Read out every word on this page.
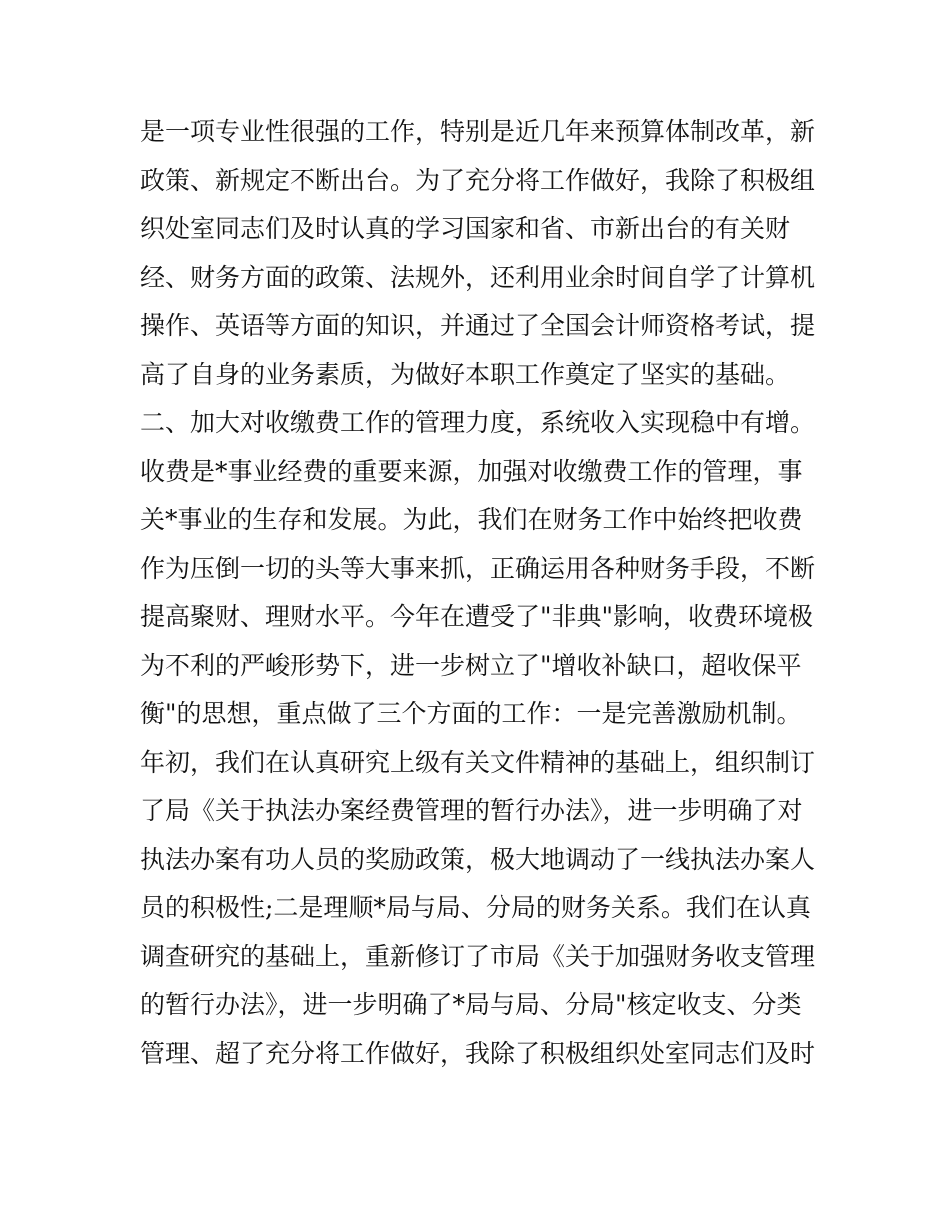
是一项专业性很强的工作，特别是近几年来预算体制改革，新
政策、新规定不断出台。为了充分将工作做好，我除了积极组
织处室同志们及时认真的学习国家和省、市新出台的有关财
经、财务方面的政策、法规外，还利用业余时间自学了计算机
操作、英语等方面的知识，并通过了全国会计师资格考试，提
高了自身的业务素质，为做好本职工作奠定了坚实的基础。
二、加大对收缴费工作的管理力度，系统收入实现稳中有增。
收费是*事业经费的重要来源，加强对收缴费工作的管理，事
关*事业的生存和发展。为此，我们在财务工作中始终把收费
作为压倒一切的头等大事来抓，正确运用各种财务手段，不断
提高聚财、理财水平。今年在遭受了"非典"影响，收费环境极
为不利的严峻形势下，进一步树立了"增收补缺口，超收保平
衡"的思想，重点做了三个方面的工作：一是完善激励机制。
年初，我们在认真研究上级有关文件精神的基础上，组织制订
了局《关于执法办案经费管理的暂行办法》，进一步明确了对
执法办案有功人员的奖励政策，极大地调动了一线执法办案人
员的积极性;二是理顺*局与局、分局的财务关系。我们在认真
调查研究的基础上，重新修订了市局《关于加强财务收支管理
的暂行办法》，进一步明确了*局与局、分局"核定收支、分类
管理、超了充分将工作做好，我除了积极组织处室同志们及时
